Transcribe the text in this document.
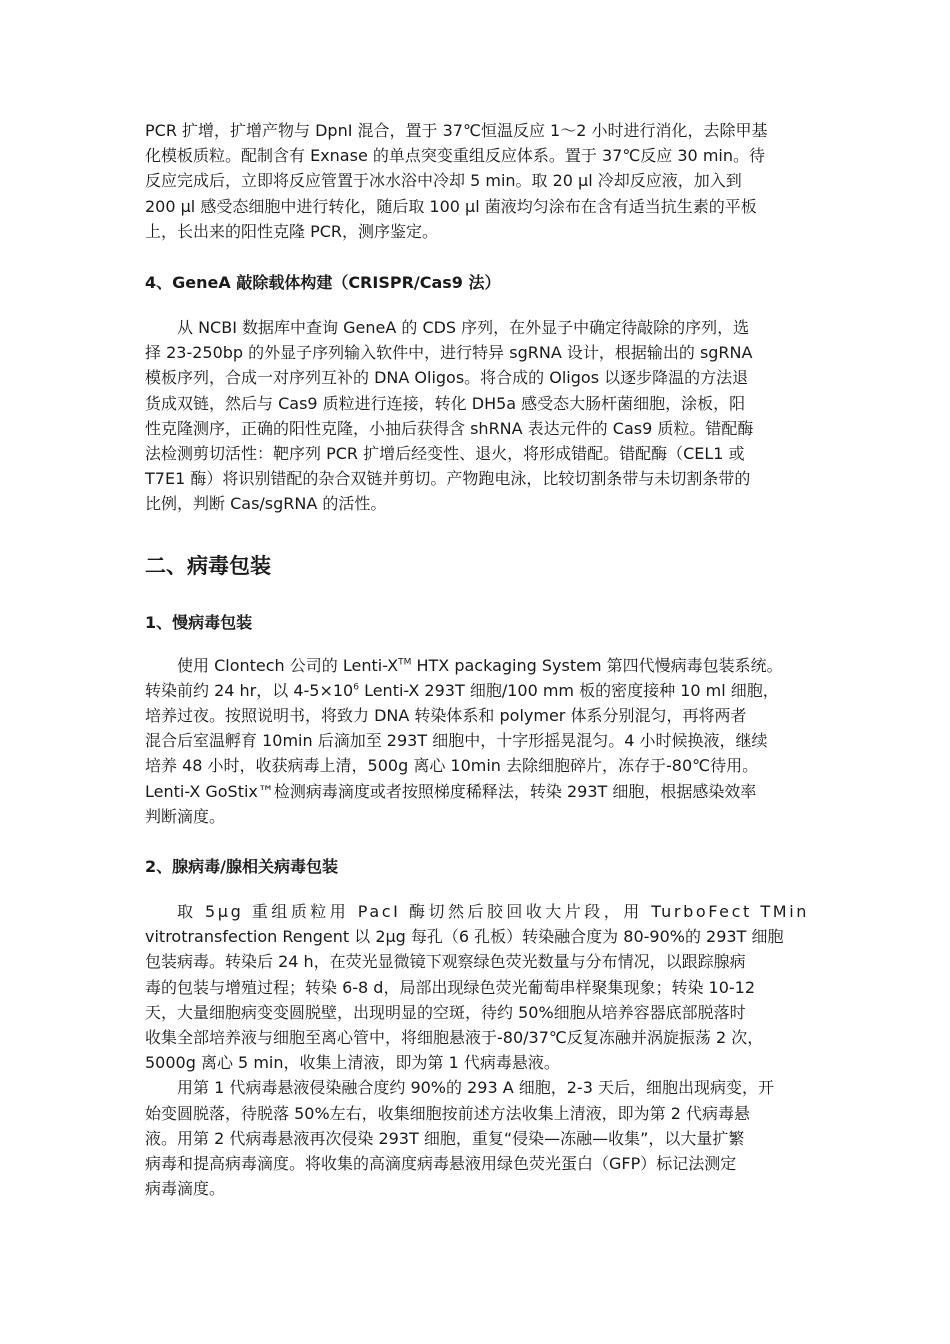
PCR 扩增，扩增产物与 DpnI 混合，置于 37℃恒温反应 1～2 小时进行消化，去除甲基

化模板质粒。配制含有 Exnase 的单点突变重组反应体系。置于 37℃反应 30 min。待

反应完成后，立即将反应管置于冰水浴中冷却 5 min。取 20 μl 冷却反应液，加入到

200 μl 感受态细胞中进行转化，随后取 100 μl 菌液均匀涂布在含有适当抗生素的平板

上，长出来的阳性克隆 PCR，测序鉴定。

4、GeneA 敲除载体构建（CRISPR/Cas9 法）

从 NCBI 数据库中查询 GeneA 的 CDS 序列，在外显子中确定待敲除的序列，选

择 23-250bp 的外显子序列输入软件中，进行特异 sgRNA 设计，根据输出的 sgRNA

模板序列，合成一对序列互补的 DNA Oligos。将合成的 Oligos 以逐步降温的方法退

货成双链，然后与 Cas9 质粒进行连接，转化 DH5a 感受态大肠杆菌细胞，涂板，阳

性克隆测序，正确的阳性克隆，小抽后获得含 shRNA 表达元件的 Cas9 质粒。错配酶

法检测剪切活性：靶序列 PCR 扩增后经变性、退火，将形成错配。错配酶（CEL1 或

T7E1 酶）将识别错配的杂合双链并剪切。产物跑电泳，比较切割条带与未切割条带的

比例，判断 Cas/sgRNA 的活性。

二、病毒包装
1、慢病毒包装

使用 Clontech 公司的 Lenti-X™ HTX packaging System 第四代慢病毒包装系统。

转染前约 24 hr，以 $4-5\times 10^6$ Lenti-X 293T 细胞/100 mm 板的密度接种 10 ml 细胞，

培养过夜。按照说明书，将致力 DNA 转染体系和 polymer 体系分别混匀，再将两者

混合后室温孵育 10min 后滴加至 293T 细胞中，十字形摇晃混匀。4 小时候换液，继续

培养 48 小时，收获病毒上清，500g 离心 10min 去除细胞碎片，冻存于-80℃待用。

Lenti-X GoStix™检测病毒滴度或者按照梯度稀释法，转染 293T 细胞，根据感染效率

判断滴度。

2、腺病毒/腺相关病毒包装

取 5μg 重组质粒用 PacI 酶切然后胶回收大片段，用 TurboFect TMin

vitrotransfection Rengent 以 2μg 每孔（6 孔板）转染融合度为 80-90%的 293T 细胞

包装病毒。转染后 24 h，在荧光显微镜下观察绿色荧光数量与分布情况，以跟踪腺病

毒的包装与增殖过程；转染 6-8 d，局部出现绿色荧光葡萄串样聚集现象；转染 10-12

天，大量细胞病变变圆脱壁，出现明显的空斑，待约 50%细胞从培养容器底部脱落时

收集全部培养液与细胞至离心管中，将细胞悬液于-80/37℃反复冻融并涡旋振荡 2 次，

5000g 离心 5 min，收集上清液，即为第 1 代病毒悬液。

用第 1 代病毒悬液侵染融合度约 90%的 293 A 细胞，2-3 天后，细胞出现病变，开

始变圆脱落，待脱落 50%左右，收集细胞按前述方法收集上清液，即为第 2 代病毒悬

液。用第 2 代病毒悬液再次侵染 293T 细胞，重复“侵染—冻融—收集”，以大量扩繁

病毒和提高病毒滴度。将收集的高滴度病毒悬液用绿色荧光蛋白（GFP）标记法测定

病毒滴度。
